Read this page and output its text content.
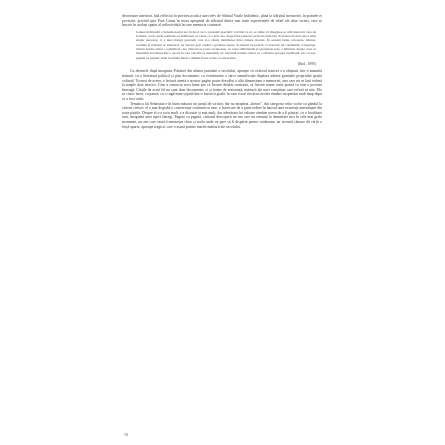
decorinare interioră, lată reflectat în privirea acută a unei elev de Sfântul Vasile îndoielnic, până la sfârșitul memoriei, în primele ei povestiri, privind spre Paul Goma în seara apropiată de sfârșitul dintre mai toate experiențele de relief ale altor scrieri, care se înscrie în același spațiu al reflexivității în care memoria contează.

Lumea închipuită a Sebastian-ului are în mod cert o prezență specială: vorbind cu el, se simte că imaginea se află mereu în curs de formare, acolo unde realitatea se întâlnește cu visul, ca o apă care curge între pietrele vechi ale unui râu. Povestea nu mai este a unui singur personaj, ci a unei întregi generații care și-a căutat identitatea între ruinele istoriei. În această lume, prietenia, iubirea, credința și trădarea se amestecă, iar fiecare gest capătă o greutate aparte. Scriitorul nu judecă, ci observă; nu condamnă, ci înțelege. Textul devine astfel o oglindă în care cititorul se poate recunoaște, cu toate slăbiciunile și speranțele sale, o mărturie despre ceea ce înseamnă să trăiești într-o epocă în care valorile se destramă, iar adevărul trebuie căutat cu o răbdare aproape nesfârșită, pas cu pas, pagină cu pagină, până la ultima literă a ultimei fraze scrise cu sinceritate.

(Ibid., 1995)

Cu desenele după imaginea Poloniei din ultima jumătate a secolului, aproape că cititorul francez s-a obișnuit, într-o anumită măsură, cu o literatură politică și prin documente, cu evenimente a căror semnificație depășea adesea granițele propriului spațiu cultural. Tocmai de aceea, o lectură atentă a acestor pagini poate dezvălui o altă dimensiune a memoriei, una care nu se lasă redusă la simple date istorice. Cine a cunoscut acea lume știe că fiecare detaliu contează, că fiecare nume rostit poartă cu sine o poveste întreagă. Cărțile de acest fel nu sunt doar documente, ci și forme de rezistență, mărturii ale unei conștiințe care refuză să uite. Ele se citesc încet, cu pauze, ca o rugăciune șoptită într-o biserică goală, în care ecoul fiecărui cuvânt rămâne suspendat mult timp după ce a fost rostit.

Tematica lui Sebastian e în bună măsură un jurnal de scriitor, dar nu neapărat „literar”, din categoria celor scrise cu gândul la viitorii cititori; el e mai degrabă o conversație continuă cu sine, o încercare de a pune ordine în haosul unei existențe amenințate din toate părțile. Despre el s-a scris mult, s-a discutat și mai mult, dar adevărata lui valoare rămâne aceea de a fi păstrat, cu o luciditate rară, imaginea unei epoci întregi. Pagina cu pagină, cititorul descoperă un om care nu renunță la demnitate nici în cele mai grele momente, un om care caută frumusețea chiar și acolo unde ea pare să fi dispărut pentru totdeauna, iar această căutare dă cărții o forță aparte, aproape tragică, care o așază printre marile mărturii ale secolului.

10
